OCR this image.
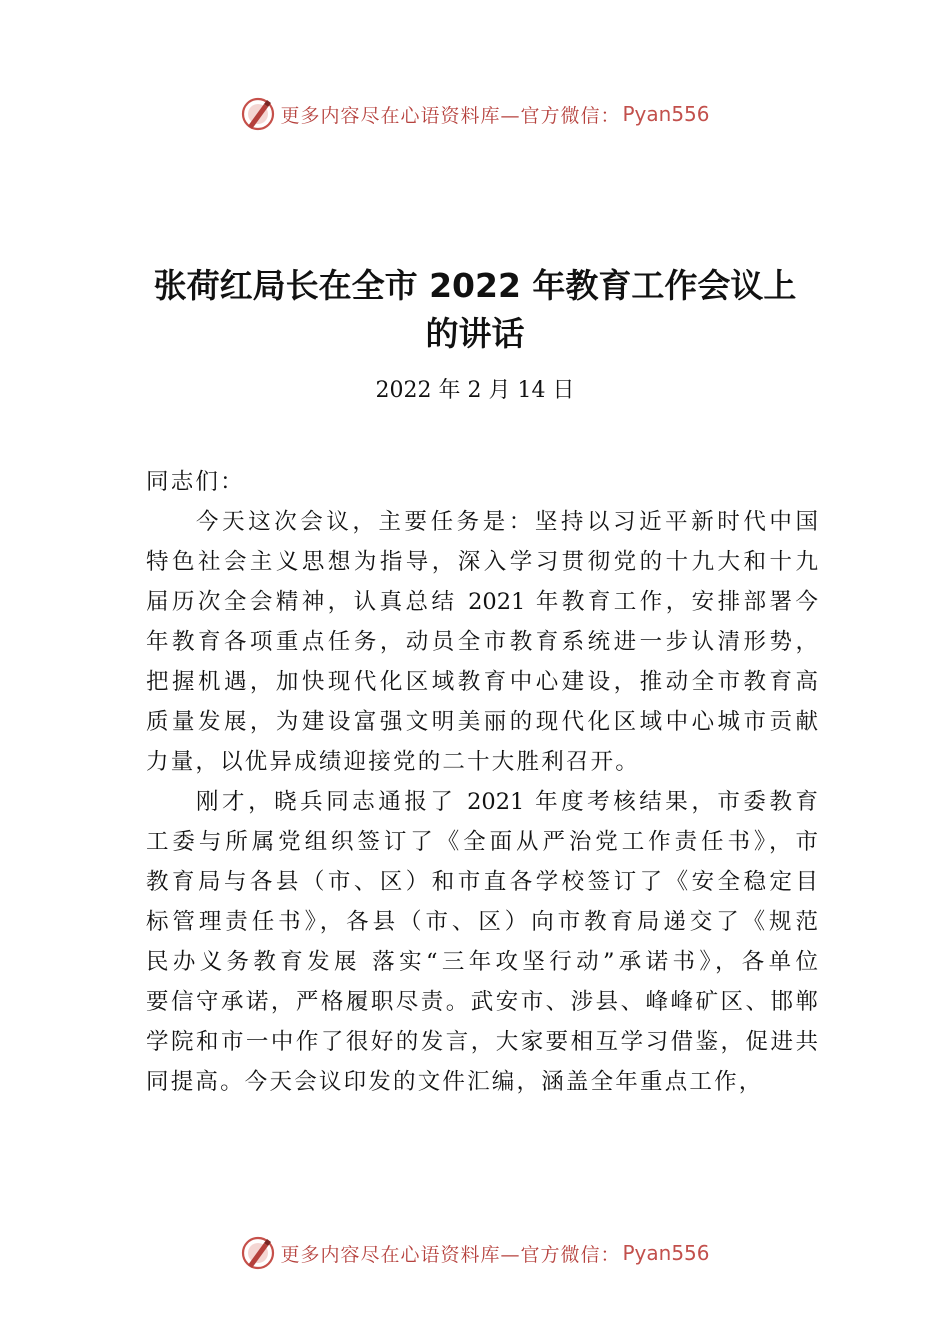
更多内容尽在心语资料库—官方微信： Pyan556
张荷红局长在全市 2022 年教育工作会议上
的讲话
2022 年 2 月 14 日
同志们：
今天这次会议，主要任务是：坚持以习近平新时代中国
特色社会主义思想为指导，深入学习贯彻党的十九大和十九
届历次全会精神，认真总结 2021 年教育工作，安排部署今
年教育各项重点任务，动员全市教育系统进一步认清形势，
把握机遇，加快现代化区域教育中心建设，推动全市教育高
质量发展，为建设富强文明美丽的现代化区域中心城市贡献
力量，以优异成绩迎接党的二十大胜利召开。
刚才，晓兵同志通报了 2021 年度考核结果，市委教育
工委与所属党组织签订了《全面从严治党工作责任书》，市
教育局与各县（市、区）和市直各学校签订了《安全稳定目
标管理责任书》，各县（市、区）向市教育局递交了《规范
民办义务教育发展 落实“三年攻坚行动”承诺书》，各单位
要信守承诺，严格履职尽责。武安市、涉县、峰峰矿区、邯郸
学院和市一中作了很好的发言，大家要相互学习借鉴，促进共
同提高。今天会议印发的文件汇编，涵盖全年重点工作，
更多内容尽在心语资料库—官方微信： Pyan556
